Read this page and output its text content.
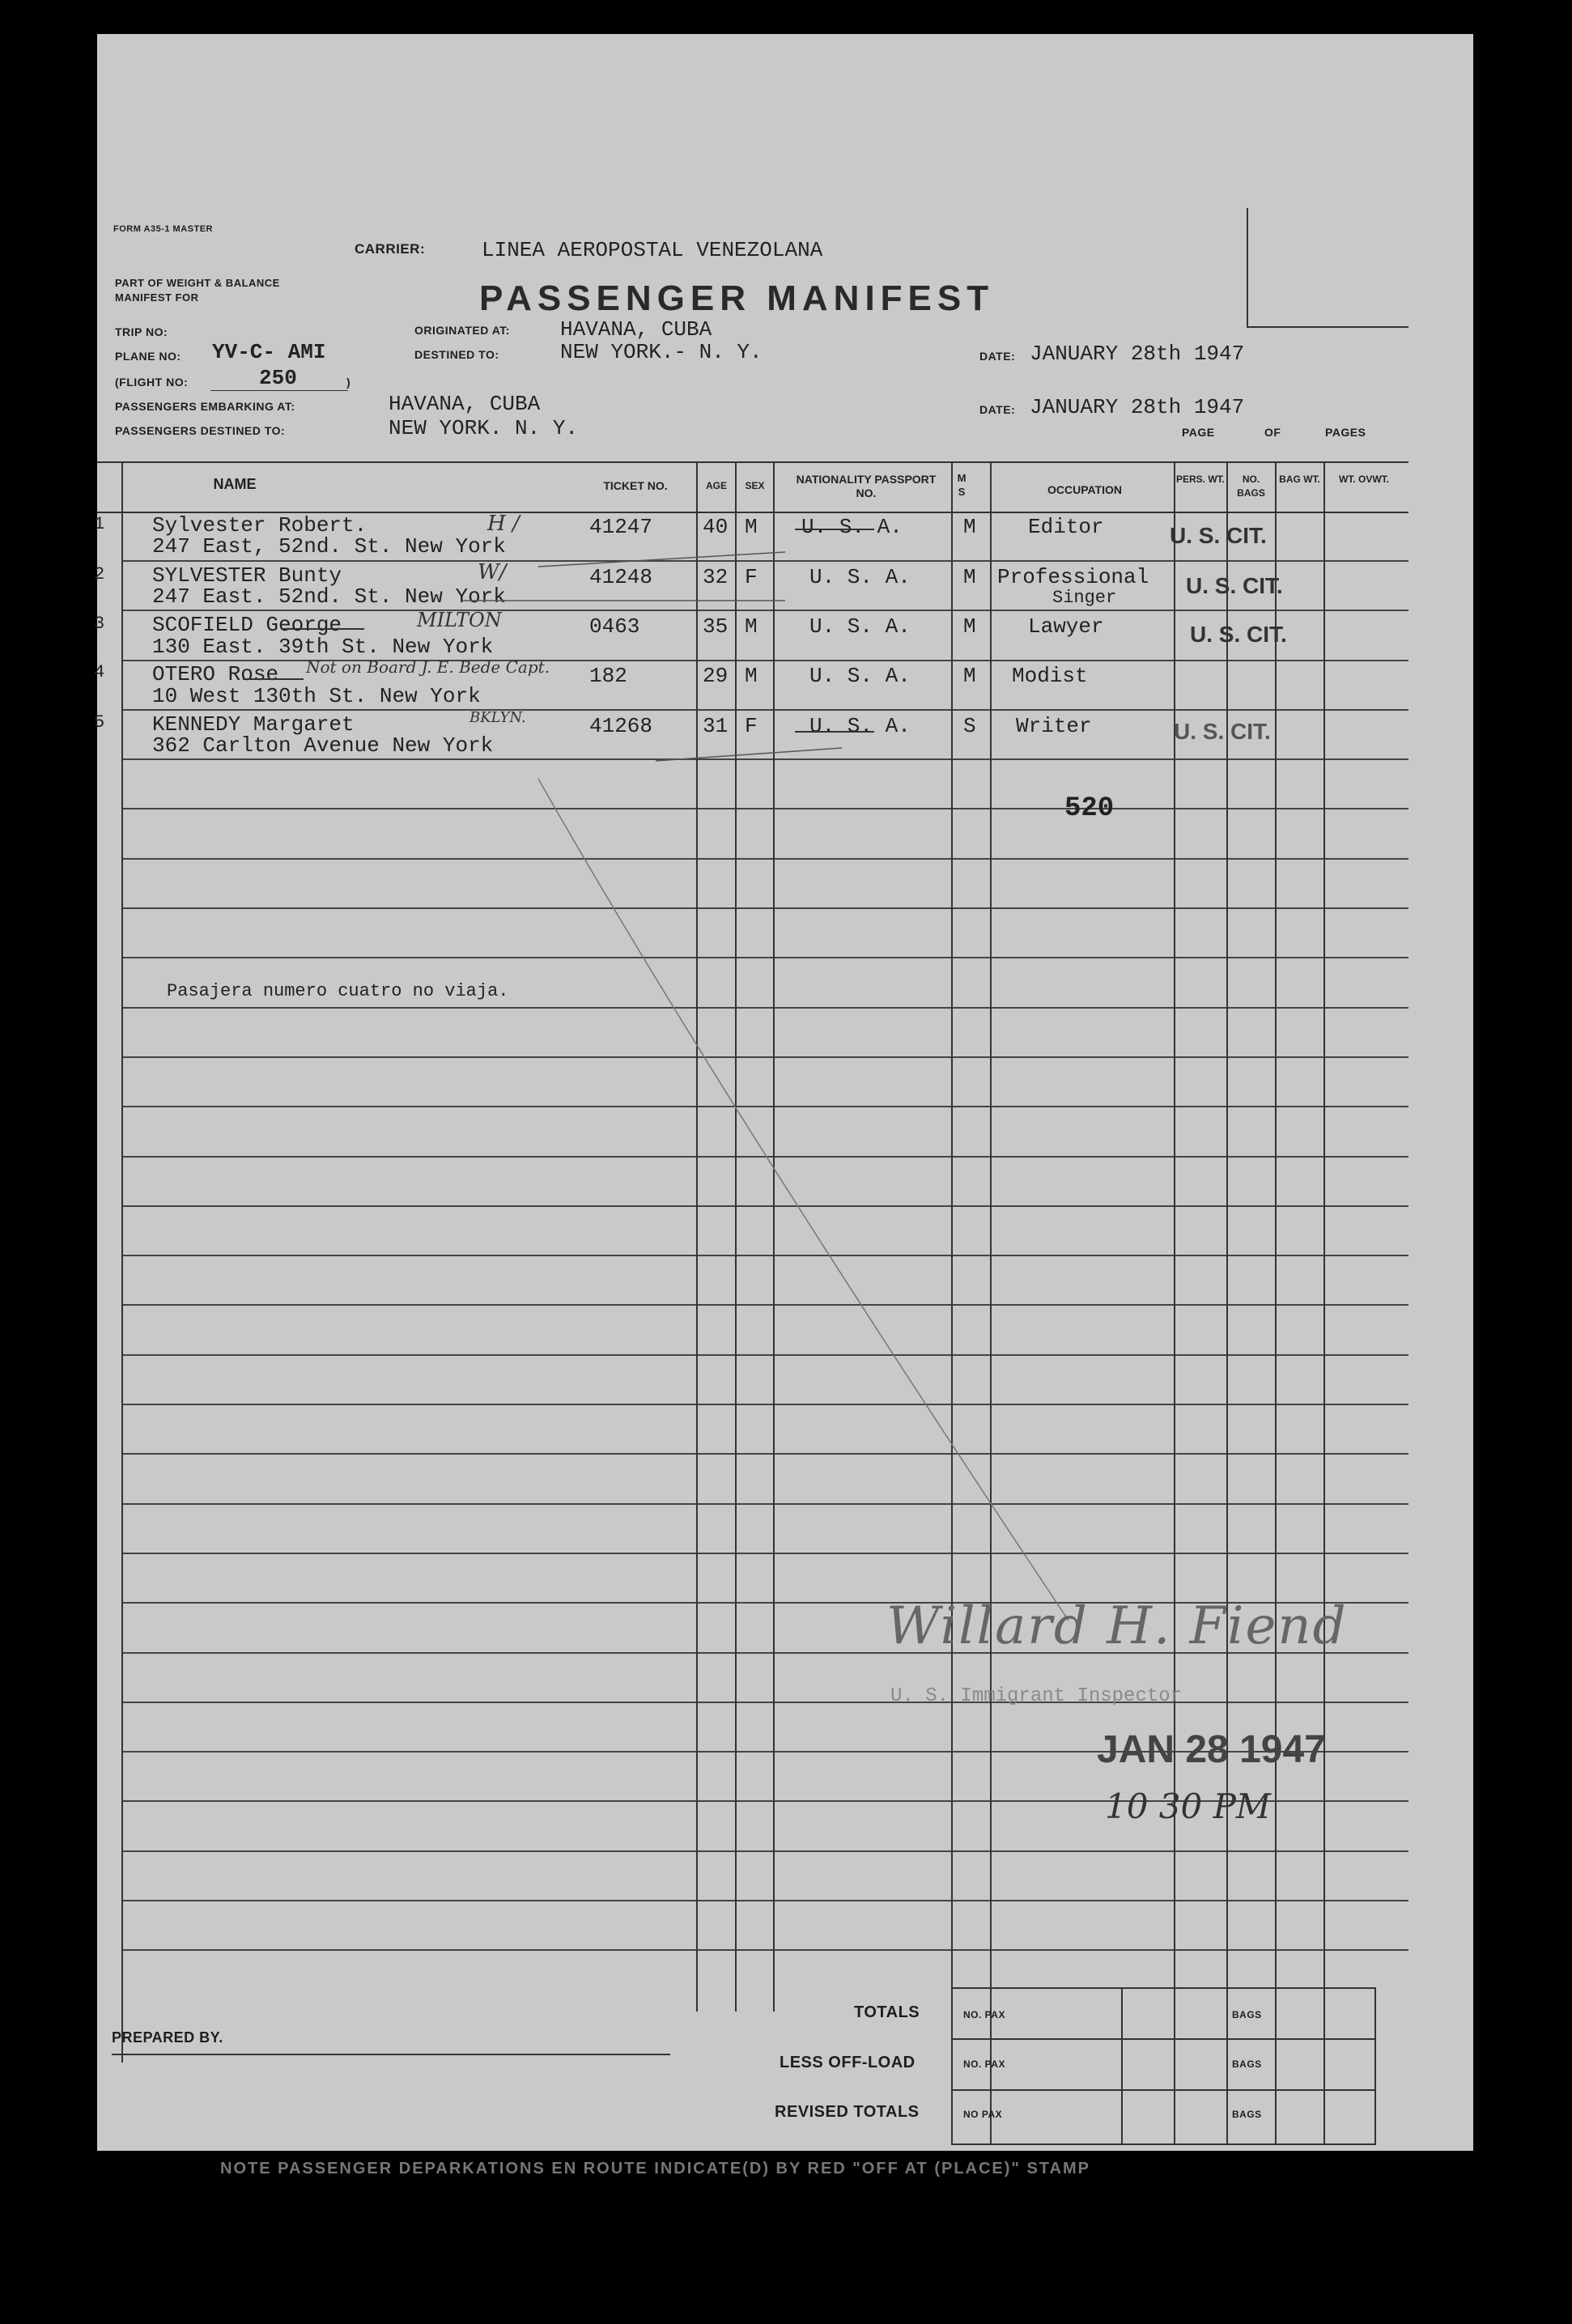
FORM A35-1 MASTER
CARRIER:	LINEA AEROPOSTAL VENEZOLANA
PART OF WEIGHT & BALANCE
MANIFEST FOR	PASSENGER MANIFEST
TRIP NO:	ORIGINATED AT: HAVANA, CUBA
PLANE NO: YV-C- AMI	DESTINED TO:	NEW YORK.- N. Y.	DATE: JANUARY 28th 1947
(FLIGHT NO:	250	)
PASSENGERS EMBARKING AT:	HAVANA, CUBA	DATE: JANUARY 28th 1947
PASSENGERS DESTINED TO:	NEW YORK. N. Y.	PAGE	OF	PAGES
NAME	TICKET NO.	AGE	SEX	NATIONALITY PASSPORT NO.
M S	OCCUPATION
PERS. WT.	NO. BAGS
BAG WT.	WT. OVWT.
1 Sylvester Robert.
247 East, 52nd. St. New York
H /	41247 40 M U. S. A.	M Editor	U. S. CIT.
2 SYLVESTER Bunty
247 East. 52nd. St. New York
W/	41248 32 F U. S. A.	M Professional
Singer	U. S. CIT.
3 SCOFIELD George
130 East. 39th St. New York
MILTON	0463	35 M U. S. A.	M Lawyer	U. S. CIT.
4 OTERO Rose
10 West 130th St. New York
Not on Board J. E. Bede Capt. 182	29 M U. S. A.	M Modist
5 KENNEDY Margaret
362 Carlton Avenue New York
BKLYN.	41268 31 F U. S. A.	S Writer	U. S. CIT.
520
Pasajera numero cuatro no viaja.
Willard H. Fiend
U. S. Immigrant Inspector
JAN 28 1947
10 30 PM
PREPARED BY.
TOTALS
LESS OFF-LOAD
REVISED TOTALS
NO. PAX
NO. PAX
NO PAX
BAGS
BAGS
BAGS
NOTE PASSENGER DEPARKATIONS EN ROUTE INDICATE(D) BY RED "OFF AT (PLACE)" STAMP
